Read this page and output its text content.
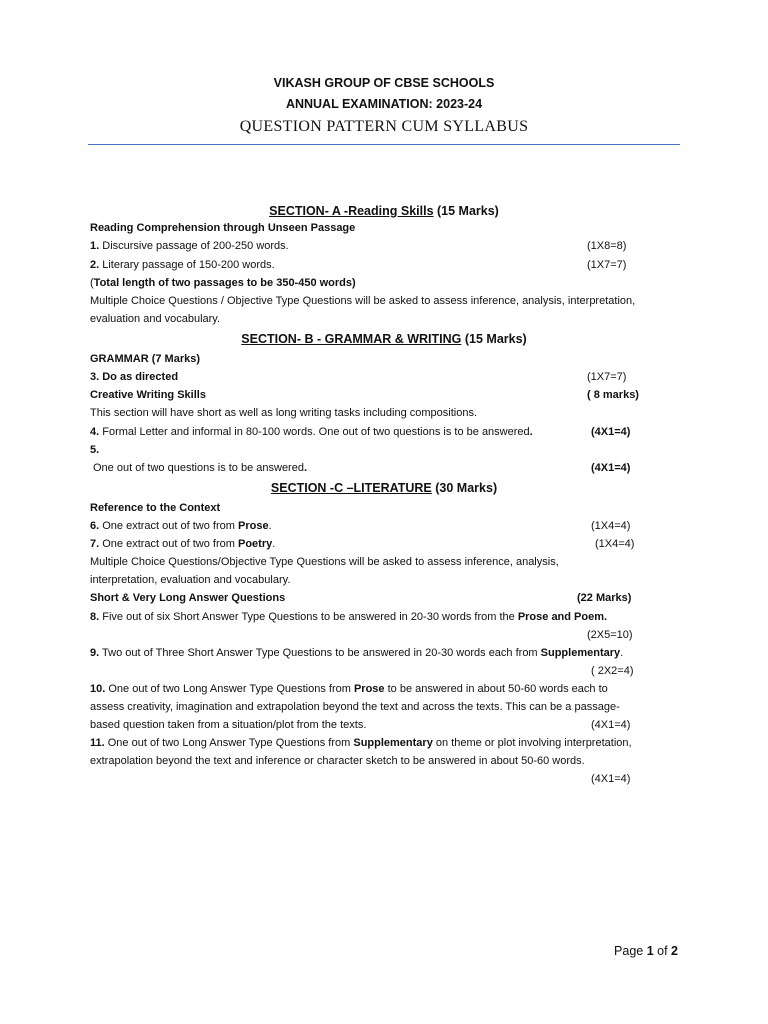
VIKASH GROUP OF CBSE SCHOOLS
ANNUAL EXAMINATION: 2023-24
QUESTION PATTERN CUM SYLLABUS
SECTION- A -Reading Skills (15 Marks)
Reading Comprehension through Unseen Passage
1. Discursive passage of 200-250 words.	(1X8=8)
2. Literary passage of 150-200 words.	(1X7=7)
(Total length of two passages to be 350-450 words)
Multiple Choice Questions / Objective Type Questions will be asked to assess inference, analysis, interpretation,
evaluation and vocabulary.
SECTION- B - GRAMMAR & WRITING (15 Marks)
GRAMMAR (7 Marks)
3. Do as directed	(1X7=7)
Creative Writing Skills	( 8 marks)
This section will have short as well as long writing tasks including compositions.
4. Formal Letter and informal in 80-100 words. One out of two questions is to be answered.	(4X1=4)
5.
One out of two questions is to be answered.	(4X1=4)
SECTION -C –LITERATURE (30 Marks)
Reference to the Context
6. One extract out of two from Prose.	(1X4=4)
7. One extract out of two from Poetry.	(1X4=4)
Multiple Choice Questions/Objective Type Questions will be asked to assess inference, analysis,
interpretation, evaluation and vocabulary.
Short & Very Long Answer Questions	(22 Marks)
8. Five out of six Short Answer Type Questions to be answered in 20-30 words from the Prose and Poem.
(2X5=10)
9. Two out of Three Short Answer Type Questions to be answered in 20-30 words each from Supplementary.
( 2X2=4)
10. One out of two Long Answer Type Questions from Prose to be answered in about 50-60 words each to
assess creativity, imagination and extrapolation beyond the text and across the texts. This can be a passage-
based question taken from a situation/plot from the texts.	(4X1=4)
11. One out of two Long Answer Type Questions from Supplementary on theme or plot involving interpretation,
extrapolation beyond the text and inference or character sketch to be answered in about 50-60 words.
(4X1=4)
Page 1 of 2
